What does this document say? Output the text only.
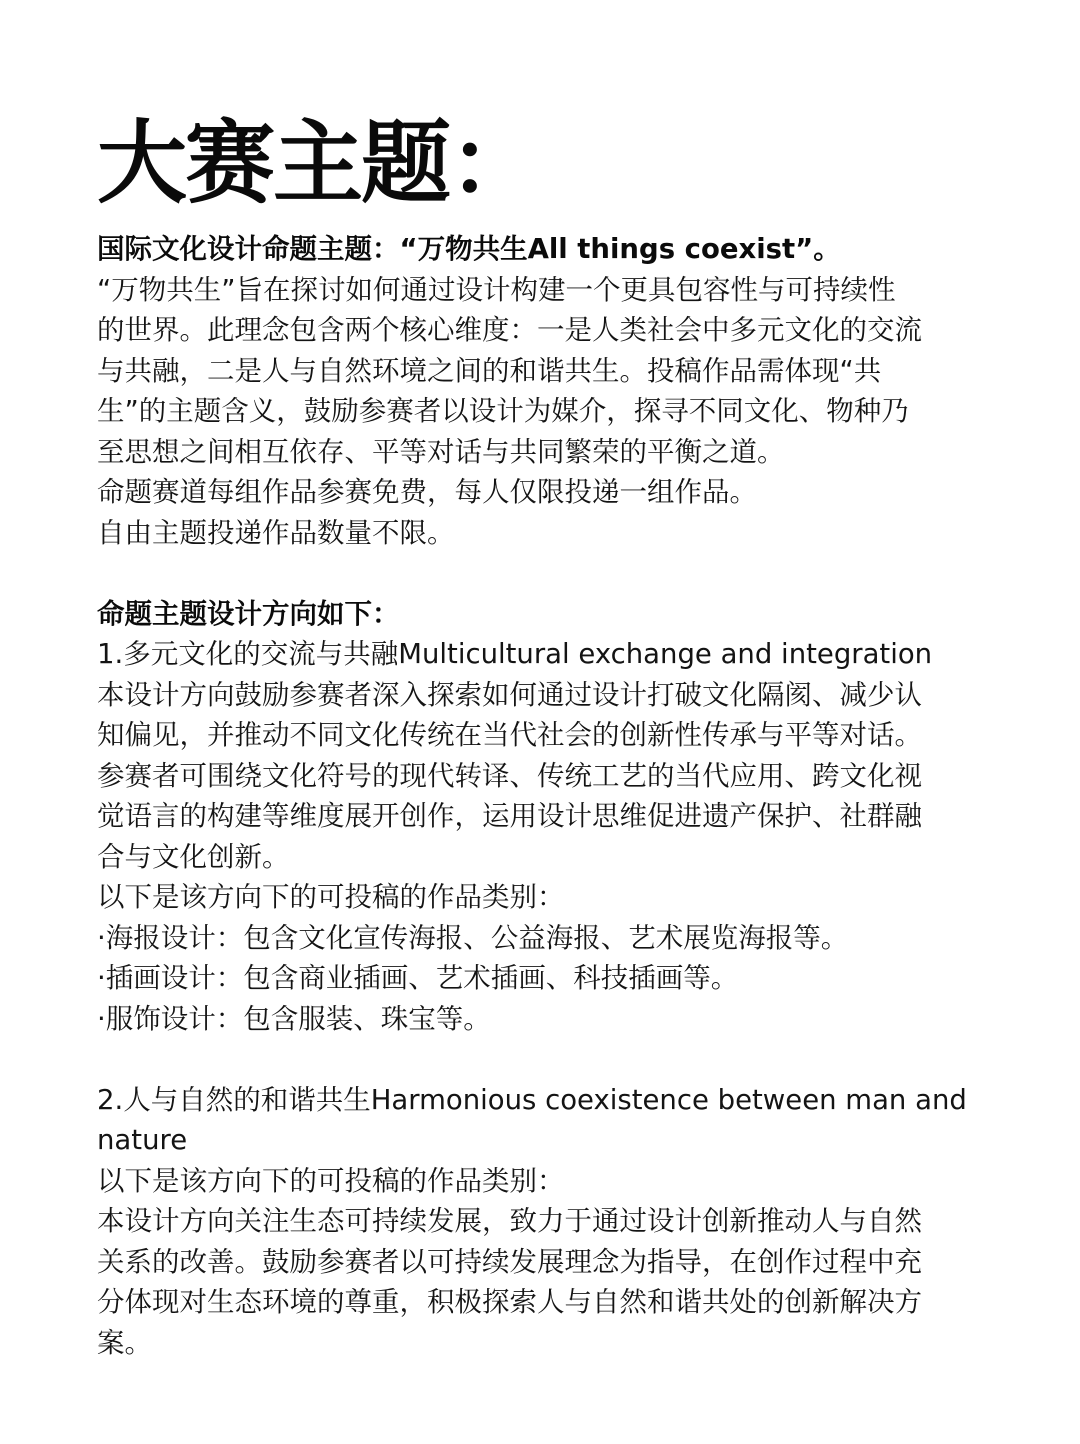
大赛主题：
国际文化设计命题主题：“万物共生All things coexist”。
“万物共生”旨在探讨如何通过设计构建一个更具包容性与可持续性
的世界。此理念包含两个核心维度：一是人类社会中多元文化的交流
与共融，二是人与自然环境之间的和谐共生。投稿作品需体现“共
生”的主题含义，鼓励参赛者以设计为媒介，探寻不同文化、物种乃
至思想之间相互依存、平等对话与共同繁荣的平衡之道。
命题赛道每组作品参赛免费，每人仅限投递一组作品。
自由主题投递作品数量不限。
命题主题设计方向如下：
1.多元文化的交流与共融Multicultural exchange and integration
本设计方向鼓励参赛者深入探索如何通过设计打破文化隔阂、减少认
知偏见，并推动不同文化传统在当代社会的创新性传承与平等对话。
参赛者可围绕文化符号的现代转译、传统工艺的当代应用、跨文化视
觉语言的构建等维度展开创作，运用设计思维促进遗产保护、社群融
合与文化创新。
以下是该方向下的可投稿的作品类别：
·海报设计：包含文化宣传海报、公益海报、艺术展览海报等。
·插画设计：包含商业插画、艺术插画、科技插画等。
·服饰设计：包含服装、珠宝等。
2.人与自然的和谐共生Harmonious coexistence between man and
nature
以下是该方向下的可投稿的作品类别：
本设计方向关注生态可持续发展，致力于通过设计创新推动人与自然
关系的改善。鼓励参赛者以可持续发展理念为指导，在创作过程中充
分体现对生态环境的尊重，积极探索人与自然和谐共处的创新解决方
案。
